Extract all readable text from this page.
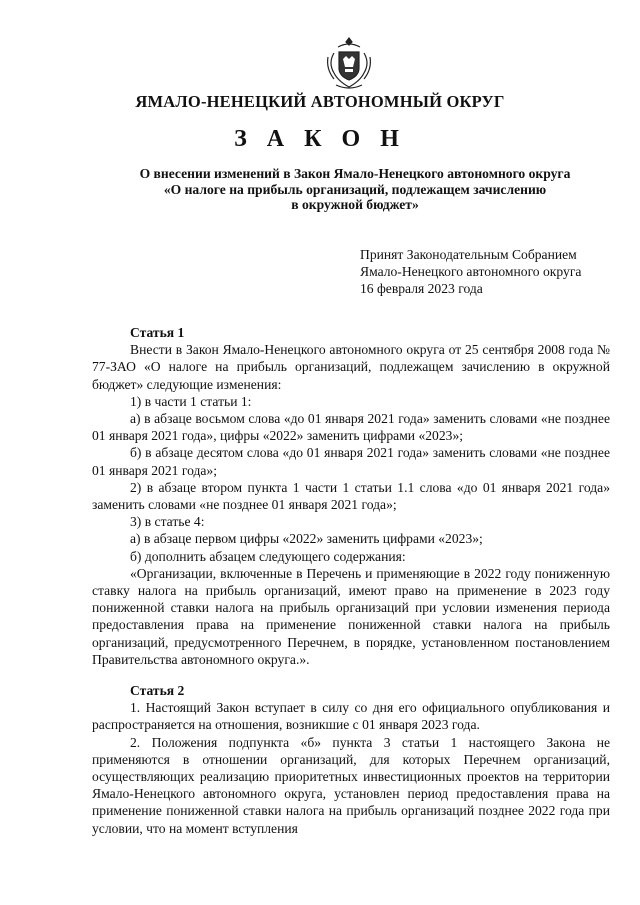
ЯМАЛО-НЕНЕЦКИЙ АВТОНОМНЫЙ ОКРУГ
З А К О Н
О внесении изменений в Закон Ямало-Ненецкого автономного округа
«О налоге на прибыль организаций, подлежащем зачислению
в окружной бюджет»
Принят Законодательным Собранием
Ямало-Ненецкого автономного округа
16 февраля 2023 года
Статья 1

Внести в Закон Ямало-Ненецкого автономного округа от 25 сентября 2008 года № 77-ЗАО «О налоге на прибыль организаций, подлежащем зачислению в окружной бюджет» следующие изменения:

1) в части 1 статьи 1:

а) в абзаце восьмом слова «до 01 января 2021 года» заменить словами «не позднее 01 января 2021 года», цифры «2022» заменить цифрами «2023»;

б) в абзаце десятом слова «до 01 января 2021 года» заменить словами «не позднее 01 января 2021 года»;

2) в абзаце втором пункта 1 части 1 статьи 1.1 слова «до 01 января 2021 года» заменить словами «не позднее 01 января 2021 года»;

3) в статье 4:

а) в абзаце первом цифры «2022» заменить цифрами «2023»;

б) дополнить абзацем следующего содержания:

«Организации, включенные в Перечень и применяющие в 2022 году пониженную ставку налога на прибыль организаций, имеют право на применение в 2023 году пониженной ставки налога на прибыль организаций при условии изменения периода предоставления права на применение пониженной ставки налога на прибыль организаций, предусмотренного Перечнем, в порядке, установленном постановлением Правительства автономного округа.».

Статья 2

1. Настоящий Закон вступает в силу со дня его официального опубликования и распространяется на отношения, возникшие с 01 января 2023 года.

2. Положения подпункта «б» пункта 3 статьи 1 настоящего Закона не применяются в отношении организаций, для которых Перечнем организаций, осуществляющих реализацию приоритетных инвестиционных проектов на территории Ямало-Ненецкого автономного округа, установлен период предоставления права на применение пониженной ставки налога на прибыль организаций позднее 2022 года при условии, что на момент вступления
